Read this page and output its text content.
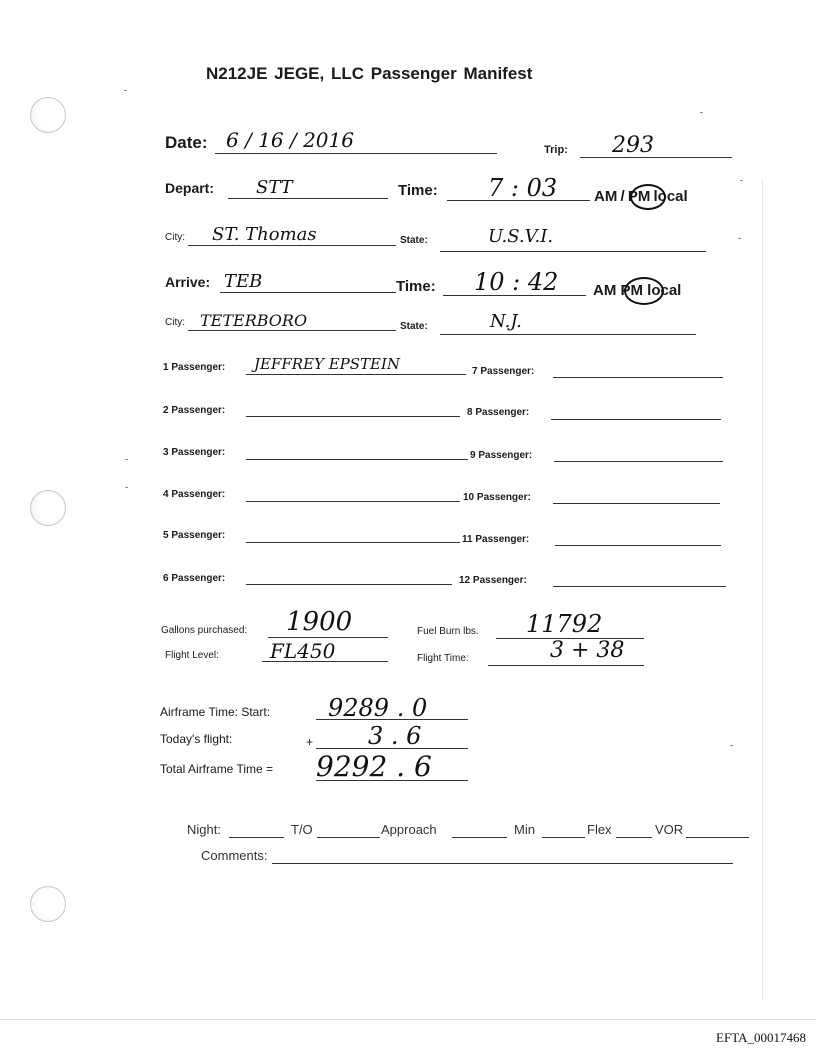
N212JE JEGE, LLC Passenger Manifest
Date: 6 / 16 / 2016	Trip: 293
Depart: STT	Time: 7 : 03 AM / PM local
City: ST. Thomas	State:	U.S.V.I.
Arrive: TEB	Time: 10 : 42 AM PM local
City: TETERBORO	State:	N.J.
1 Passenger: JEFFREY EPSTEIN
2 Passenger:
3 Passenger:
4 Passenger:
5 Passenger:
6 Passenger:
7 Passenger:
8 Passenger:
9 Passenger:
10 Passenger:
11 Passenger:
12 Passenger:
Gallons purchased: 1900	Fuel Burn lbs. 11792
Flight Level:	FL450	Flight Time:	3 + 38
Airframe Time: Start: 9289 . 0
Today's flight:	+ 3 . 6
Total Airframe Time = 9292 . 6
Night:	T/O	Approach	Min	Flex	VOR
Comments:
EFTA_00017468
